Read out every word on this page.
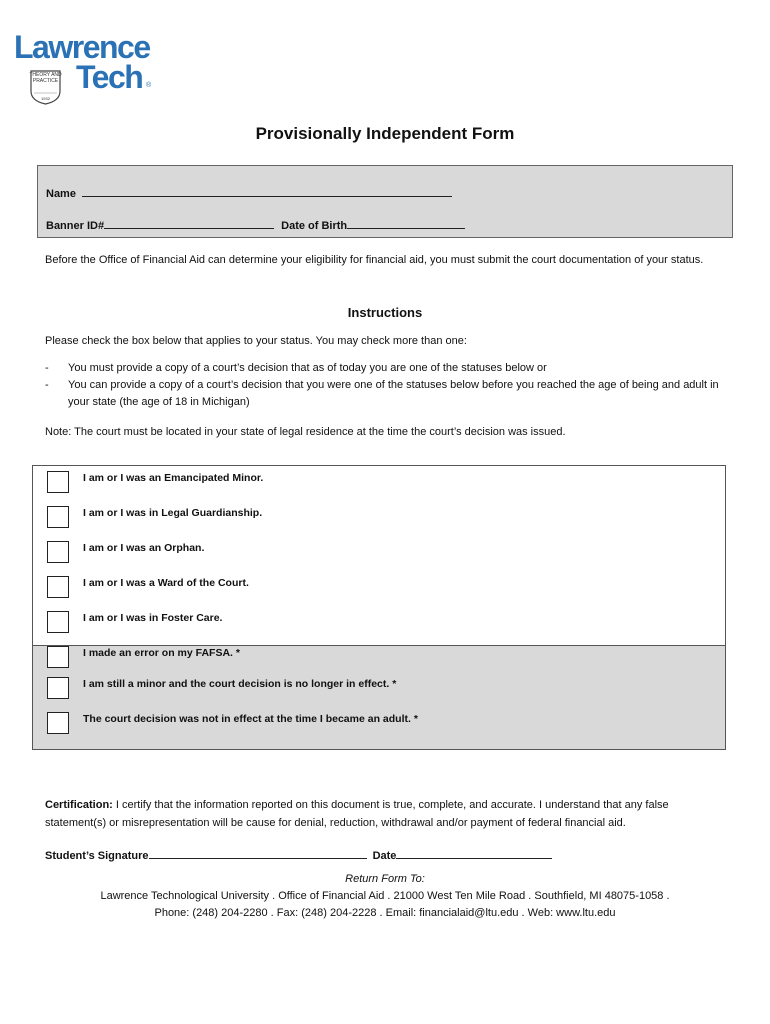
Lawrence
Tech ®
THEORY AND PRACTICE
1932
Provisionally Independent Form
Name
Banner ID#	Date of Birth
Before the Office of Financial Aid can determine your eligibility for financial aid, you must submit the court documentation of your status.
Instructions
Please check the box below that applies to your status. You may check more than one:
- You must provide a copy of a court’s decision that as of today you are one of the statuses below or
- You can provide a copy of a court’s decision that you were one of the statuses below before you reached the age of being and adult in your state (the age of 18 in Michigan)
Note: The court must be located in your state of legal residence at the time the court’s decision was issued.
I am or I was an Emancipated Minor.
I am or I was in Legal Guardianship.
I am or I was an Orphan.
I am or I was a Ward of the Court.
I am or I was in Foster Care.
I made an error on my FAFSA. *
I am still a minor and the court decision is no longer in effect. *
The court decision was not in effect at the time I became an adult. *
Certification: I certify that the information reported on this document is true, complete, and accurate. I understand that any false statement(s) or misrepresentation will be cause for denial, reduction, withdrawal and/or payment of federal financial aid.
Student’s Signature	Date
Return Form To:
Lawrence Technological University . Office of Financial Aid . 21000 West Ten Mile Road . Southfield, MI 48075-1058 .
Phone: (248) 204-2280 . Fax: (248) 204-2228 . Email: financialaid@ltu.edu . Web: www.ltu.edu
